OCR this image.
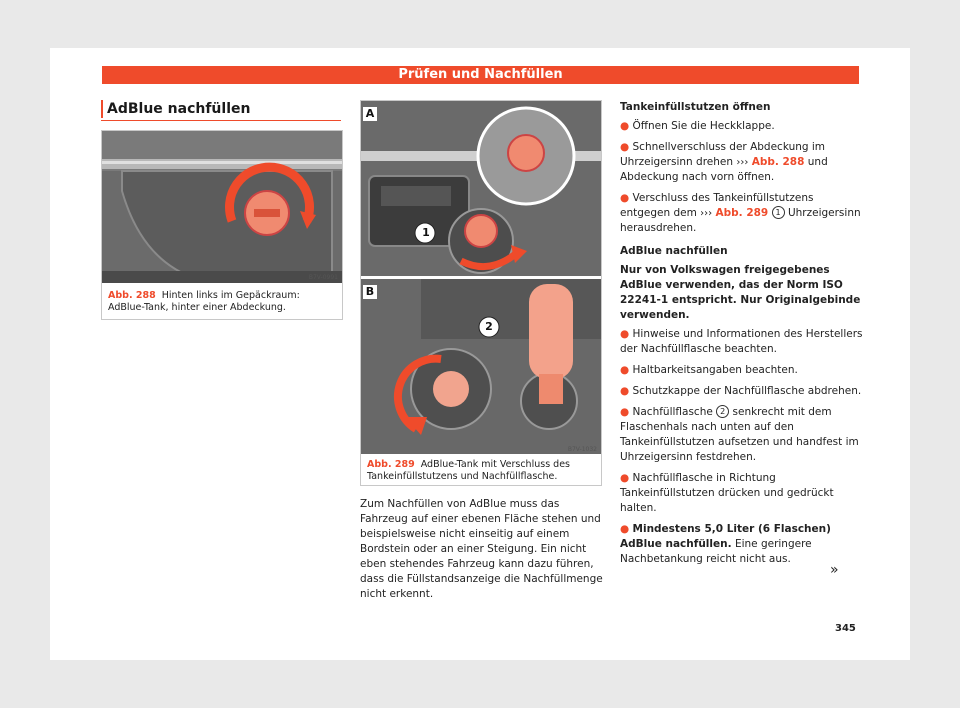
Prüfen und Nachfüllen
AdBlue nachfüllen
B7V-0991
Abb. 288 Hinten links im Gepäckraum: AdBlue-Tank, hinter einer Abdeckung.
A
1
B
2
B7V-1032
Abb. 289 AdBlue-Tank mit Verschluss des Tankeinfüllstutzens und Nachfüllflasche.

Zum Nachfüllen von AdBlue muss das Fahrzeug auf einer ebenen Fläche stehen und beispielsweise nicht einseitig auf einem Bordstein oder an einer Steigung. Ein nicht eben stehendes Fahrzeug kann dazu führen, dass die Füllstandsanzeige die Nachfüllmenge nicht erkennt.

Tankeinfüllstutzen öffnen

● Öffnen Sie die Heckklappe.

● Schnellverschluss der Abdeckung im Uhrzeigersinn drehen ››› Abb. 288 und Abdeckung nach vorn öffnen.

● Verschluss des Tankeinfüllstutzens entgegen dem ››› Abb. 289 1 Uhrzeigersinn herausdrehen.

AdBlue nachfüllen

Nur von Volkswagen freigegebenes AdBlue verwenden, das der Norm ISO 22241-1 entspricht. Nur Originalgebinde verwenden.

● Hinweise und Informationen des Herstellers der Nachfüllflasche beachten.

● Haltbarkeitsangaben beachten.

● Schutzkappe der Nachfüllflasche abdrehen.

● Nachfüllflasche 2 senkrecht mit dem Flaschenhals nach unten auf den Tankeinfüllstutzen aufsetzen und handfest im Uhrzeigersinn festdrehen.

● Nachfüllflasche in Richtung Tankeinfüllstutzen drücken und gedrückt halten.

● Mindestens 5,0 Liter (6 Flaschen) AdBlue nachfüllen. Eine geringere Nachbetankung reicht nicht aus.

»
345
